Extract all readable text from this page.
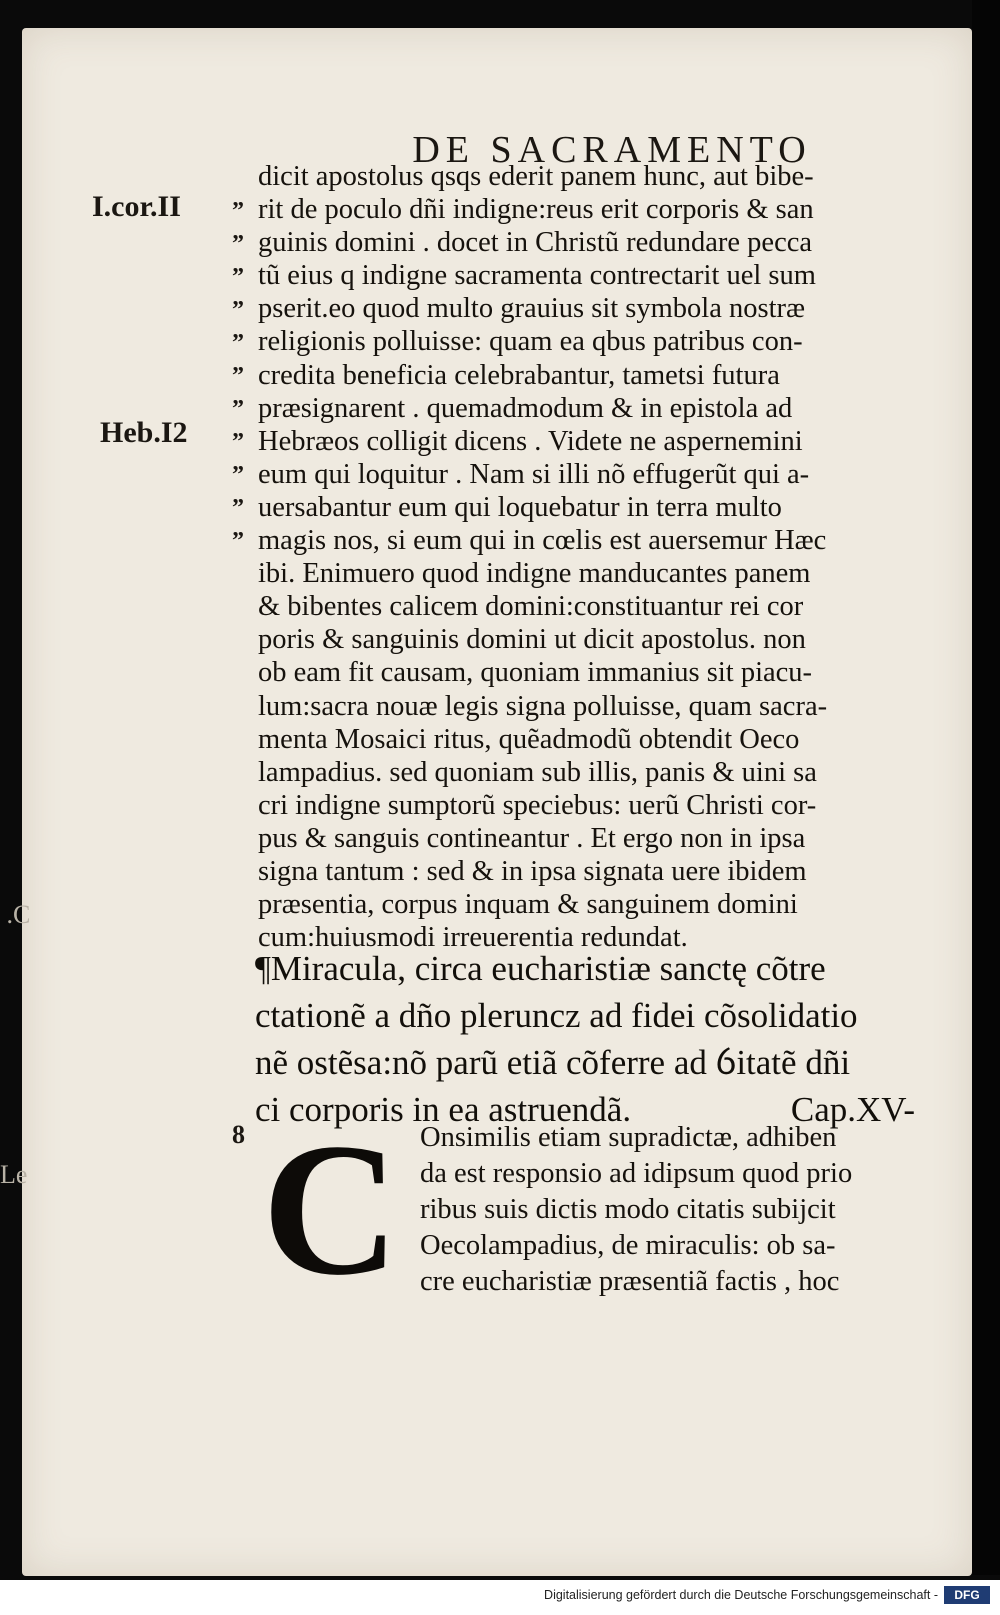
DE SACRAMENTO
I.cor.II
Heb.I2
”
”
”
”
”
”
”
”
”
”
”
dicit apostolus qsqs ederit panem hunc, aut bibe-
rit de poculo dñi indigne:reus erit corporis & san
guinis domini . docet in Christũ redundare pecca
tũ eius q indigne sacramenta contrectarit uel sum
pserit.eo quod multo grauius sit symbola nostræ
religionis polluisse: quam ea qbus patribus con-
credita beneficia celebrabantur, tametsi futura
præsignarent . quemadmodum & in epistola ad
Hebræos colligit dicens . Videte ne aspernemini
eum qui loquitur . Nam si illi nõ effugerũt qui a-
uersabantur eum qui loquebatur in terra multo
magis nos, si eum qui in cœlis est auersemur Hæc
ibi. Enimuero quod indigne manducantes panem
& bibentes calicem domini:constituantur rei cor
poris & sanguinis domini ut dicit apostolus. non
ob eam fit causam, quoniam immanius sit piacu-
lum:sacra nouæ legis signa polluisse, quam sacra-
menta Mosaici ritus, quẽadmodũ obtendit Oeco
lampadius. sed quoniam sub illis, panis & uini sa
cri indigne sumptorũ speciebus: uerũ Christi cor-
pus & sanguis contineantur . Et ergo non in ipsa
signa tantum : sed & in ipsa signata uere ibidem
præsentia, corpus inquam & sanguinem domini
cum:huiusmodi irreuerentia redundat.
¶Miracula, circa eucharistiæ sanctę cõtre
ctationẽ a dño pleruncz ad fidei cõsolidatio
nẽ ostẽsa:nõ parũ etiã cõferre ad ỽitatẽ dñi
ci corporis in ea astruendã.	Cap.XV-
8 C Onsimilis etiam supradictæ, adhiben
da est responsio ad idipsum quod prio
ribus suis dictis modo citatis subijcit
Oecolampadius, de miraculis: ob sa-
cre eucharistiæ præsentiã factis , hoc
.C
Le
Digitalisierung gefördert durch die Deutsche Forschungsgemeinschaft -	DFG
